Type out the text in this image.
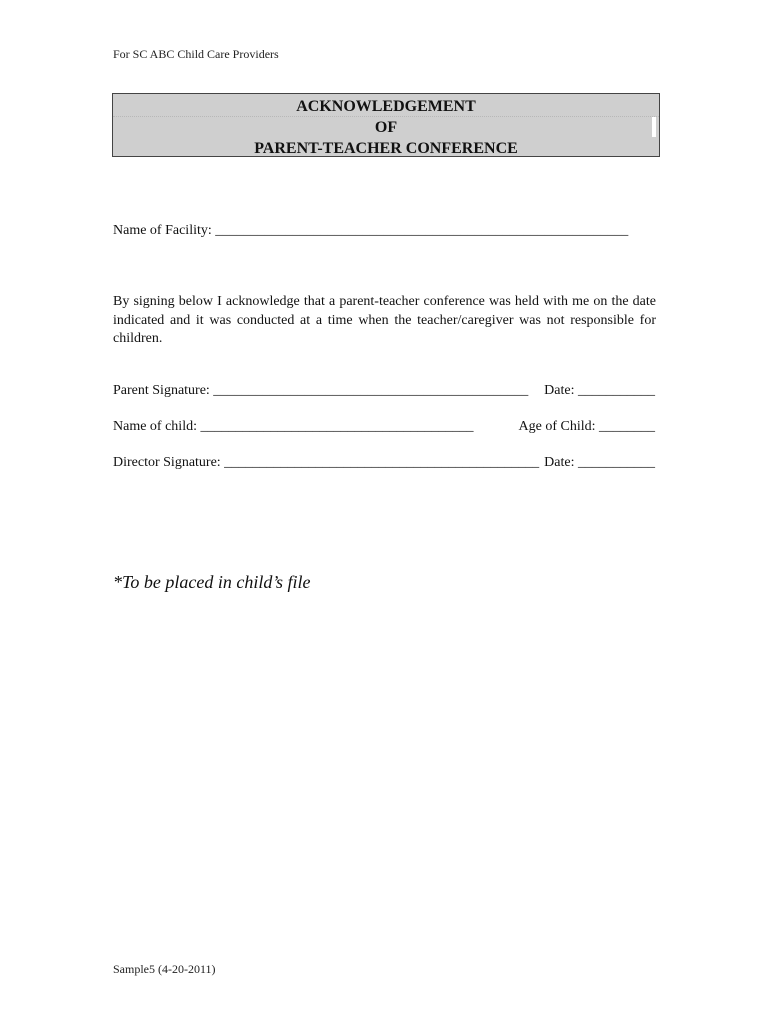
For SC ABC Child Care Providers
ACKNOWLEDGEMENT
OF
PARENT-TEACHER CONFERENCE
Name of Facility: ___________________________________________________________
By signing below I acknowledge that a parent-teacher conference was held with me on the date indicated and it was conducted at a time when the teacher/caregiver was not responsible for children.
Parent Signature: _____________________________________________ Date: ___________
Name of child: _______________________________________	Age of Child: ________
Director Signature: _____________________________________________ Date: ___________
*To be placed in child’s file
Sample5 (4-20-2011)
